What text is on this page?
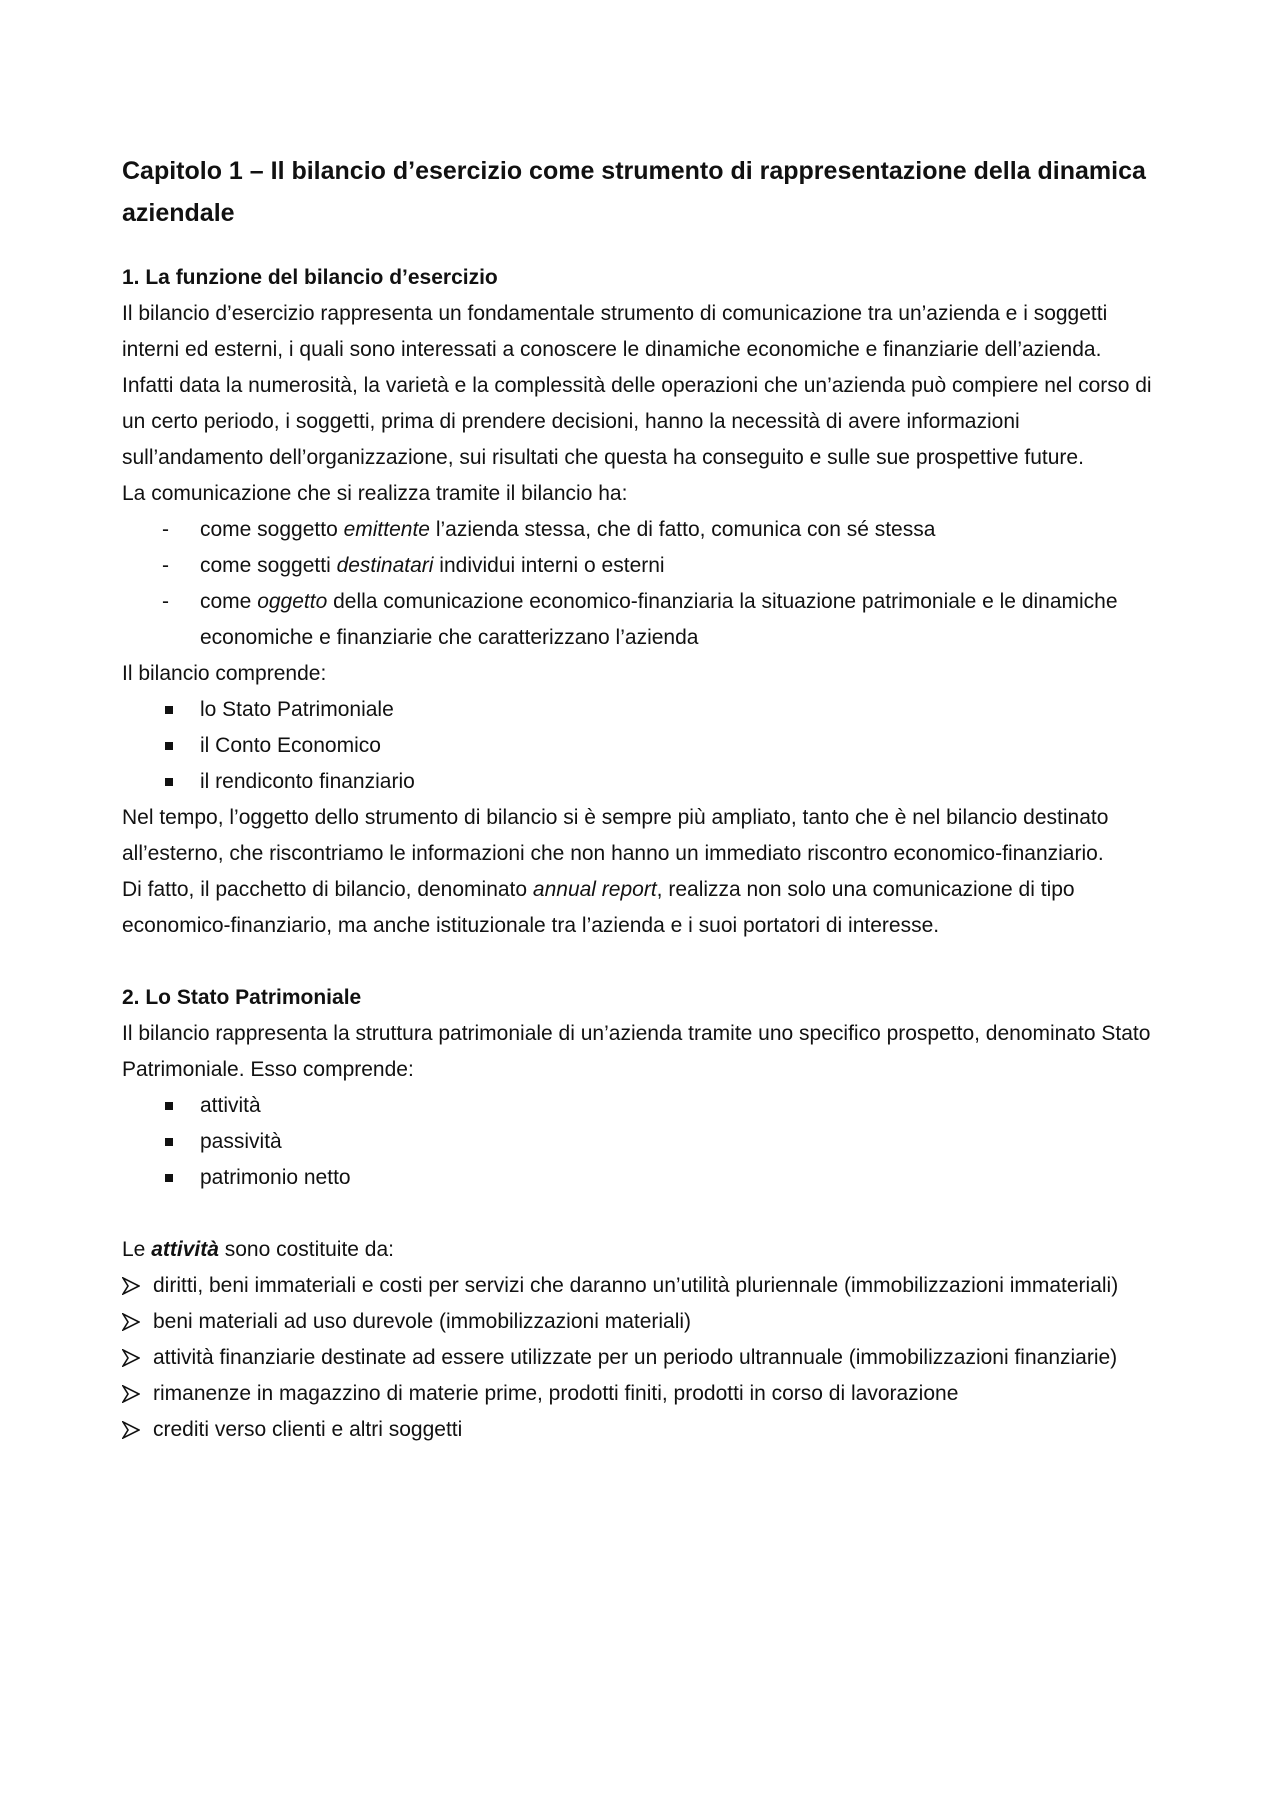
Capitolo 1 – Il bilancio d’esercizio come strumento di rappresentazione della dinamica aziendale
1. La funzione del bilancio d’esercizio

Il bilancio d’esercizio rappresenta un fondamentale strumento di comunicazione tra un’azienda e i soggetti interni ed esterni, i quali sono interessati a conoscere le dinamiche economiche e finanziarie dell’azienda.

Infatti data la numerosità, la varietà e la complessità delle operazioni che un’azienda può compiere nel corso di un certo periodo, i soggetti, prima di prendere decisioni, hanno la necessità di avere informazioni sull’andamento dell’organizzazione, sui risultati che questa ha conseguito e sulle sue prospettive future.

La comunicazione che si realizza tramite il bilancio ha:

- come soggetto emittente l’azienda stessa, che di fatto, comunica con sé stessa
- come soggetti destinatari individui interni o esterni
- come oggetto della comunicazione economico-finanziaria la situazione patrimoniale e le dinamiche economiche e finanziarie che caratterizzano l’azienda

Il bilancio comprende:

lo Stato Patrimoniale
il Conto Economico
il rendiconto finanziario

Nel tempo, l’oggetto dello strumento di bilancio si è sempre più ampliato, tanto che è nel bilancio destinato all’esterno, che riscontriamo le informazioni che non hanno un immediato riscontro economico-finanziario.

Di fatto, il pacchetto di bilancio, denominato annual report, realizza non solo una comunicazione di tipo economico-finanziario, ma anche istituzionale tra l’azienda e i suoi portatori di interesse.

2. Lo Stato Patrimoniale

Il bilancio rappresenta la struttura patrimoniale di un’azienda tramite uno specifico prospetto, denominato Stato Patrimoniale. Esso comprende:

attività
passività
patrimonio netto

Le attività sono costituite da:

diritti, beni immateriali e costi per servizi che daranno un’utilità pluriennale (immobilizzazioni immateriali)
beni materiali ad uso durevole (immobilizzazioni materiali)
attività finanziarie destinate ad essere utilizzate per un periodo ultrannuale (immobilizzazioni finanziarie)
rimanenze in magazzino di materie prime, prodotti finiti, prodotti in corso di lavorazione
crediti verso clienti e altri soggetti
